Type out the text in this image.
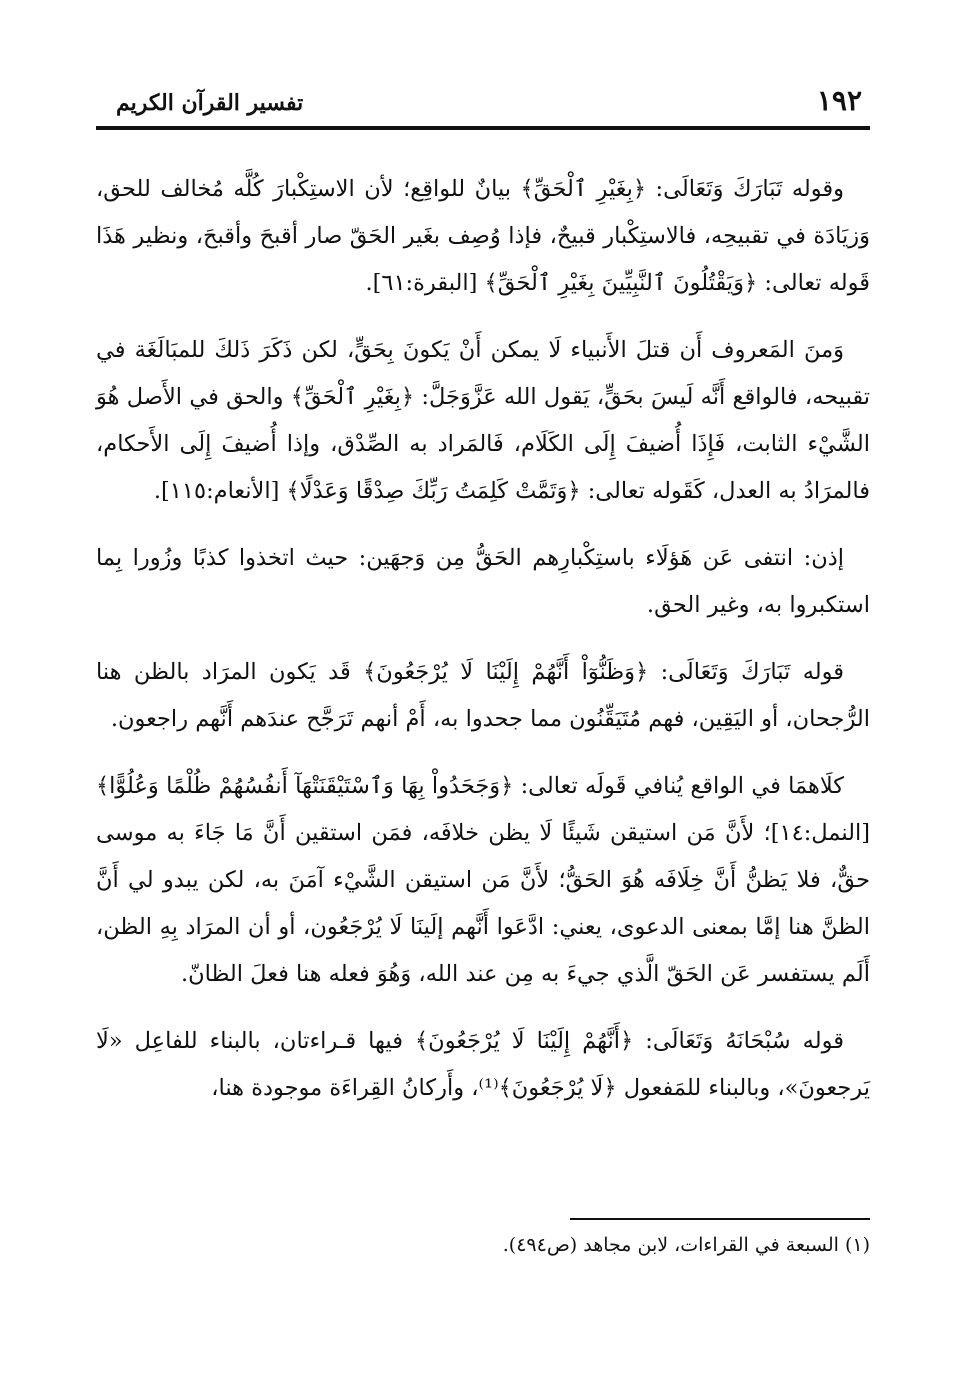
١٩٢
تفسير القرآن الكريم

وقوله تَبَارَكَ وَتَعَالَى: ﴿بِغَيْرِ ٱلْحَقِّ﴾ بيانٌ للواقِع؛ لأن الاستِكْبارَ كُلَّه مُخالف للحق، وَزيَادَة في تقبيحِه، فالاستِكْبار قبيحٌ، فإذا وُصِف بغَير الحَقّ صار أقبحَ وأقبحَ، ونظير هَذَا قَوله تعالى: ﴿وَيَقْتُلُونَ ٱلنَّبِيِّينَ بِغَيْرِ ٱلْحَقِّ﴾ [البقرة:٦١].

وَمنَ المَعروف أَن قتلَ الأَنبياء لَا يمكن أَنْ يَكونَ بِحَقٍّ، لكن ذَكَرَ ذَلكَ للمبَالَغَة في تقبيحه، فالواقع أَنَّه لَيسَ بحَقٍّ، يَقول الله عَزَّوَجَلَّ: ﴿بِغَيْرِ ٱلْحَقِّ﴾ والحق في الأَصل هُوَ الشَّيْء الثابت، فَإِذَا أُضيفَ إِلَى الكَلَام، فَالمَراد به الصِّدْق، وإذا أُضيفَ إِلَى الأَحكام، فالمرَادُ به العدل، كَقَوله تعالى: ﴿وَتَمَّتْ كَلِمَتُ رَبِّكَ صِدْقًا وَعَدْلًا﴾ [الأنعام:١١٥].

إذن: انتفى عَن هَؤلَاء باستِكْبارِهم الحَقُّ مِن وَجهَين: حيث اتخذوا كذبًا وزُورا بِما استكبروا به، وغير الحق.

قوله تَبَارَكَ وَتَعَالَى: ﴿وَظَنُّوٓاْ أَنَّهُمْ إِلَيْنَا لَا يُرْجَعُونَ﴾ قَد يَكون المرَاد بالظن هنا الرُّجحان، أو اليَقِين، فهم مُتَيَقِّنُون مما جحدوا به، أَمْ أنهم تَرَجَّح عندَهم أَنَّهم راجعون.

كلَاهمَا في الواقع يُنافي قَولَه تعالى: ﴿وَجَحَدُواْ بِهَا وَٱسْتَيْقَنَتْهَآ أَنفُسُهُمْ ظُلْمًا وَعُلُوًّا﴾ [النمل:١٤]؛ لأَنَّ مَن استيقن شَيئًا لَا يظن خلافَه، فمَن استقين أَنَّ مَا جَاءَ به موسى حقٌّ، فلا يَظنُّ أَنَّ خِلَافَه هُوَ الحَقُّ؛ لأَنَّ مَن استيقن الشَّيْء آمَنَ به، لكن يبدو لي أَنَّ الظنَّ هنا إمَّا بمعنى الدعوى، يعني: ادَّعَوا أَنَّهم إلَينَا لَا يُرْجَعُون، أو أن المرَاد بِهِ الظن، أَلَم يستفسر عَن الحَقّ الَّذي جيءَ به مِن عند الله، وَهُوَ فعله هنا فعلَ الظانّ.

قوله سُبْحَانَهُ وَتَعَالَى: ﴿أَنَّهُمْ إِلَيْنَا لَا يُرْجَعُونَ﴾ فيها قـراءتان، بالبناء للفاعِل «لَا يَرجعونَ»، وبالبناء للمَفعول ﴿لَا يُرْجَعُونَ﴾⁽¹⁾، وأَركانُ القِراءَة موجودة هنا،

(١) السبعة في القراءات، لابن مجاهد (ص٤٩٤).
